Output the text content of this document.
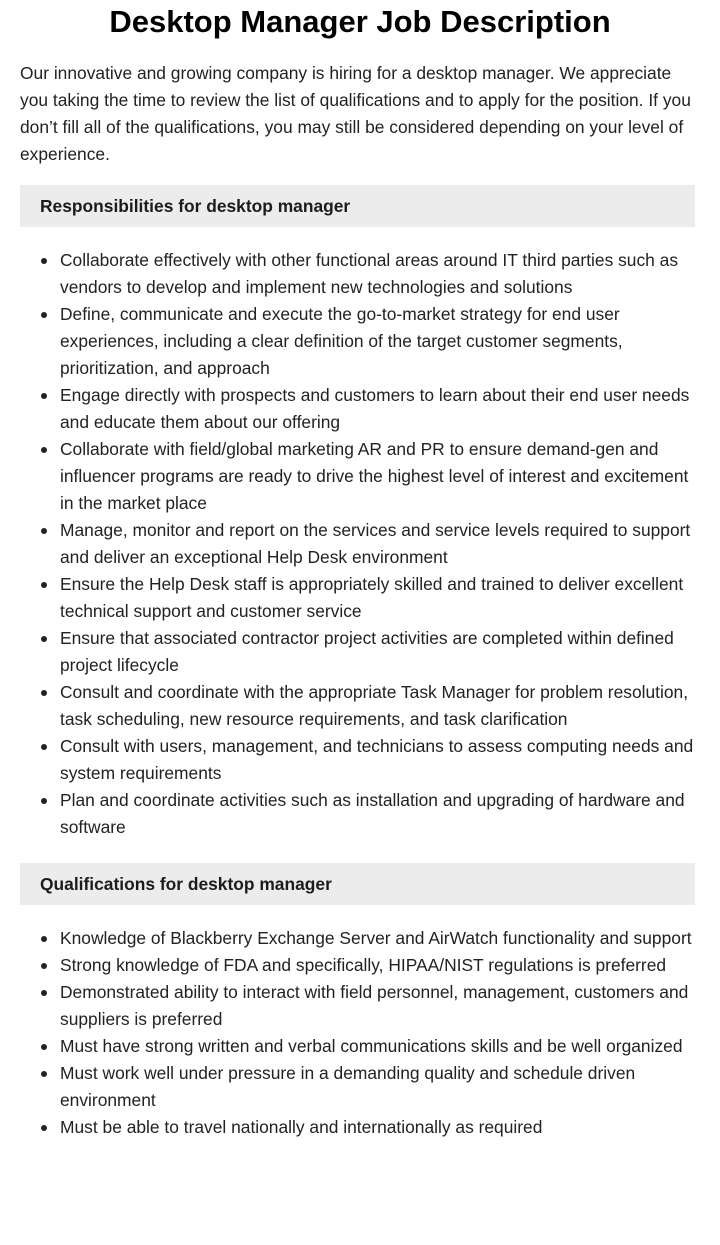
Desktop Manager Job Description

Our innovative and growing company is hiring for a desktop manager. We appreciate you taking the time to review the list of qualifications and to apply for the position. If you don’t fill all of the qualifications, you may still be considered depending on your level of experience.

Responsibilities for desktop manager
Collaborate effectively with other functional areas around IT third parties such as vendors to develop and implement new technologies and solutions
Define, communicate and execute the go-to-market strategy for end user experiences, including a clear definition of the target customer segments, prioritization, and approach
Engage directly with prospects and customers to learn about their end user needs and educate them about our offering
Collaborate with field/global marketing AR and PR to ensure demand-gen and influencer programs are ready to drive the highest level of interest and excitement in the market place
Manage, monitor and report on the services and service levels required to support and deliver an exceptional Help Desk environment
Ensure the Help Desk staff is appropriately skilled and trained to deliver excellent technical support and customer service
Ensure that associated contractor project activities are completed within defined project lifecycle
Consult and coordinate with the appropriate Task Manager for problem resolution, task scheduling, new resource requirements, and task clarification
Consult with users, management, and technicians to assess computing needs and system requirements
Plan and coordinate activities such as installation and upgrading of hardware and software
Qualifications for desktop manager
Knowledge of Blackberry Exchange Server and AirWatch functionality and support
Strong knowledge of FDA and specifically, HIPAA/NIST regulations is preferred
Demonstrated ability to interact with field personnel, management, customers and suppliers is preferred
Must have strong written and verbal communications skills and be well organized
Must work well under pressure in a demanding quality and schedule driven environment
Must be able to travel nationally and internationally as required
